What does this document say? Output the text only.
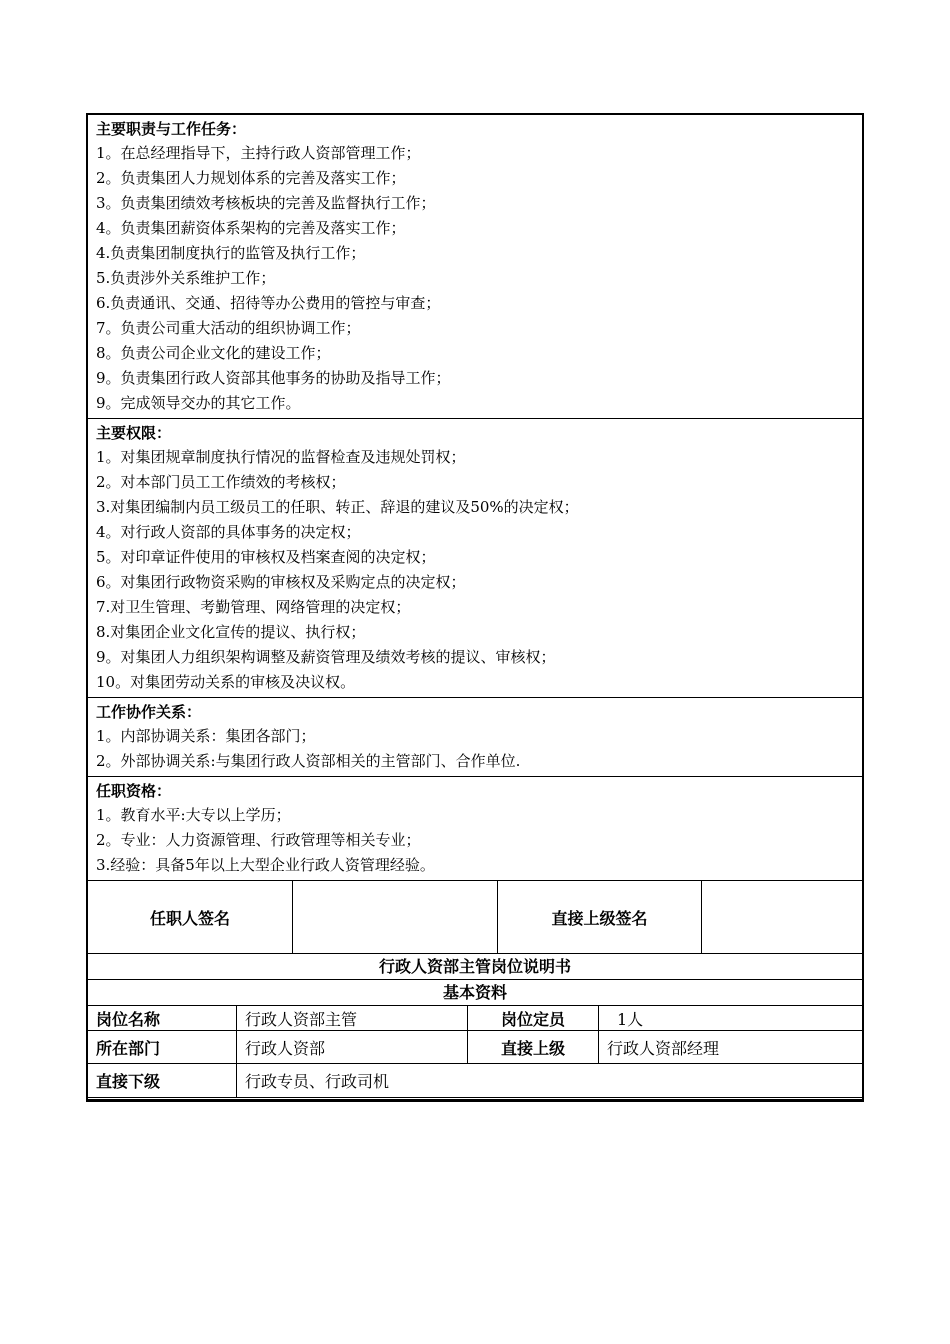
主要职责与工作任务：
1。在总经理指导下，主持行政人资部管理工作；
2。负责集团人力规划体系的完善及落实工作；
3。负责集团绩效考核板块的完善及监督执行工作；
4。负责集团薪资体系架构的完善及落实工作；
4.负责集团制度执行的监管及执行工作；
5.负责涉外关系维护工作；
6.负责通讯、交通、招待等办公费用的管控与审查；
7。负责公司重大活动的组织协调工作；
8。负责公司企业文化的建设工作；
9。负责集团行政人资部其他事务的协助及指导工作；
9。完成领导交办的其它工作。
主要权限：
1。对集团规章制度执行情况的监督检查及违规处罚权；
2。对本部门员工工作绩效的考核权；
3.对集团编制内员工级员工的任职、转正、辞退的建议及50%的决定权；
4。对行政人资部的具体事务的决定权；
5。对印章证件使用的审核权及档案查阅的决定权；
6。对集团行政物资采购的审核权及采购定点的决定权；
7.对卫生管理、考勤管理、网络管理的决定权；
8.对集团企业文化宣传的提议、执行权；
9。对集团人力组织架构调整及薪资管理及绩效考核的提议、审核权；
10。对集团劳动关系的审核及决议权。
工作协作关系：
1。内部协调关系：集团各部门；
2。外部协调关系:与集团行政人资部相关的主管部门、合作单位.
任职资格：
1。教育水平:大专以上学历；
2。专业：人力资源管理、行政管理等相关专业；
3.经验：具备5年以上大型企业行政人资管理经验。
任职人签名	直接上级签名
行政人资部主管岗位说明书
基本资料
岗位名称	行政人资部主管	岗位定员	1人
所在部门	行政人资部	直接上级	行政人资部经理
直接下级	行政专员、行政司机
